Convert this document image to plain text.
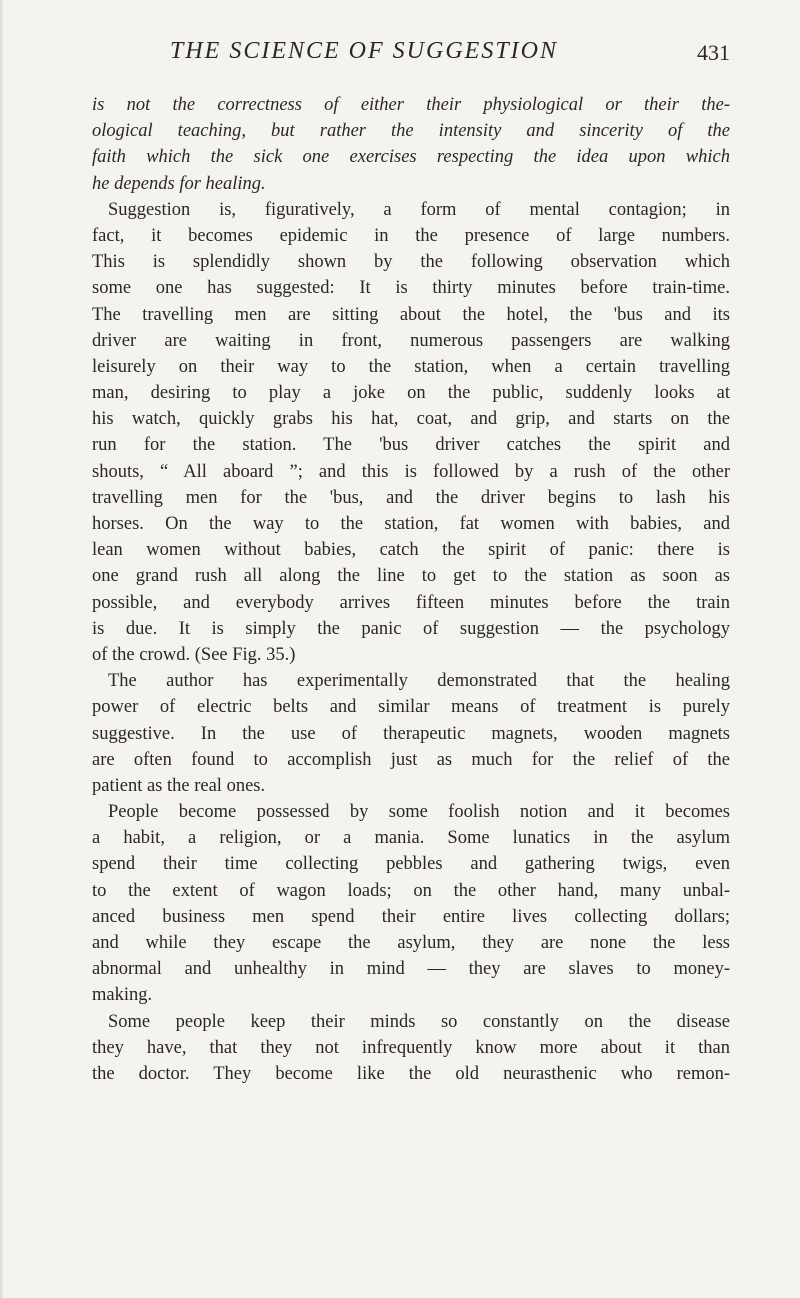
THE SCIENCE OF SUGGESTION	431
is not the correctness of either their physiological or their the-
ological teaching, but rather the intensity and sincerity of the
faith which the sick one exercises respecting the idea upon which
he depends for healing.
Suggestion is, figuratively, a form of mental contagion; in
fact, it becomes epidemic in the presence of large numbers.
This is splendidly shown by the following observation which
some one has suggested: It is thirty minutes before train-time.
The travelling men are sitting about the hotel, the 'bus and its
driver are waiting in front, numerous passengers are walking
leisurely on their way to the station, when a certain travelling
man, desiring to play a joke on the public, suddenly looks at
his watch, quickly grabs his hat, coat, and grip, and starts on the
run for the station. The 'bus driver catches the spirit and
shouts, “ All aboard ”; and this is followed by a rush of the other
travelling men for the 'bus, and the driver begins to lash his
horses. On the way to the station, fat women with babies, and
lean women without babies, catch the spirit of panic: there is
one grand rush all along the line to get to the station as soon as
possible, and everybody arrives fifteen minutes before the train
is due. It is simply the panic of suggestion — the psychology
of the crowd. (See Fig. 35.)
The author has experimentally demonstrated that the healing
power of electric belts and similar means of treatment is purely
suggestive. In the use of therapeutic magnets, wooden magnets
are often found to accomplish just as much for the relief of the
patient as the real ones.
People become possessed by some foolish notion and it becomes
a habit, a religion, or a mania. Some lunatics in the asylum
spend their time collecting pebbles and gathering twigs, even
to the extent of wagon loads; on the other hand, many unbal-
anced business men spend their entire lives collecting dollars;
and while they escape the asylum, they are none the less
abnormal and unhealthy in mind — they are slaves to money-
making.
Some people keep their minds so constantly on the disease
they have, that they not infrequently know more about it than
the doctor. They become like the old neurasthenic who remon-
